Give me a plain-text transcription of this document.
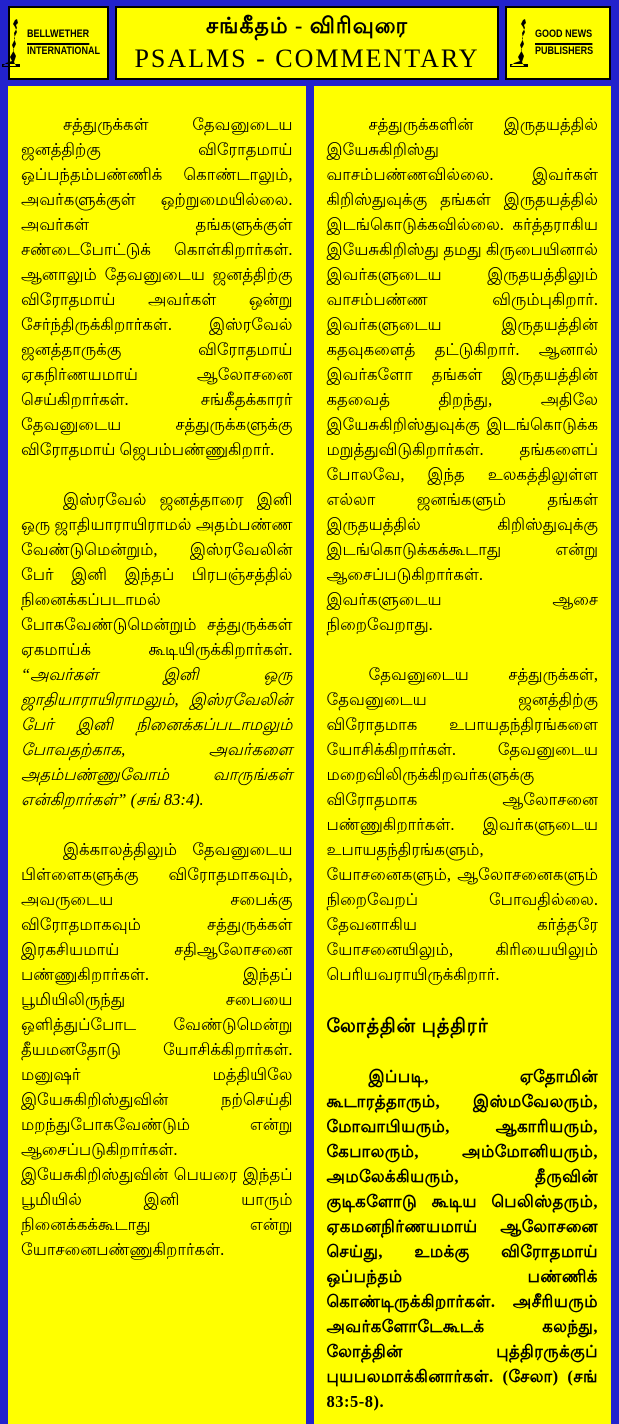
BELLWETHER
INTERNATIONAL
சங்கீதம் - விரிவுரை
PSALMS - COMMENTARY
GOOD NEWS
PUBLISHERS

சத்துருக்கள் தேவனுடைய ஜனத்திற்கு விரோதமாய் ஒப்பந்தம்பண்ணிக் கொண்டாலும், அவர்களுக்குள் ஒற்றுமையில்லை. அவர்கள் தங்களுக்குள் சண்டைபோட்டுக் கொள்கிறார்கள். ஆனாலும் தேவனுடைய ஜனத்திற்கு விரோதமாய் அவர்கள் ஒன்று சேர்ந்திருக்கிறார்கள். இஸ்ரவேல் ஜனத்தாருக்கு விரோதமாய் ஏகநிர்ணயமாய் ஆலோசனை செய்கிறார்கள். சங்கீதக்காரர் தேவனுடைய சத்துருக்களுக்கு விரோதமாய் ஜெபம்பண்ணுகிறார்.

இஸ்ரவேல் ஜனத்தாரை இனி ஒரு ஜாதியாராயிராமல் அதம்பண்ண வேண்டுமென்றும், இஸ்ரவேலின் பேர் இனி இந்தப் பிரபஞ்சத்தில் நினைக்கப்படாமல் போகவேண்டுமென்றும் சத்துருக்கள் ஏகமாய்க் கூடியிருக்கிறார்கள். “அவர்கள் இனி ஒரு ஜாதியாராயிராமலும், இஸ்ரவேலின் பேர் இனி நினைக்கப்படாமலும் போவதற்காக, அவர்களை அதம்பண்ணுவோம் வாருங்கள் என்கிறார்கள்” (சங் 83:4).

இக்காலத்திலும் தேவனுடைய பிள்ளைகளுக்கு விரோதமாகவும், அவருடைய சபைக்கு விரோதமாகவும் சத்துருக்கள் இரகசியமாய் சதிஆலோசனை பண்ணுகிறார்கள். இந்தப் பூமியிலிருந்து சபையை ஒளித்துப்போட வேண்டுமென்று தீயமனதோடு யோசிக்கிறார்கள். மனுஷர் மத்தியிலே இயேசுகிறிஸ்துவின் நற்செய்தி மறந்துபோகவேண்டும் என்று ஆசைப்படுகிறார்கள். இயேசுகிறிஸ்துவின் பெயரை இந்தப் பூமியில் இனி யாரும் நினைக்கக்கூடாது என்று யோசனைபண்ணுகிறார்கள்.

சத்துருக்களின் இருதயத்தில் இயேசுகிறிஸ்து வாசம்பண்ணவில்லை. இவர்கள் கிறிஸ்துவுக்கு தங்கள் இருதயத்தில் இடங்கொடுக்கவில்லை. கர்த்தராகிய இயேசுகிறிஸ்து தமது கிருபையினால் இவர்களுடைய இருதயத்திலும் வாசம்பண்ண விரும்புகிறார். இவர்களுடைய இருதயத்தின் கதவுகளைத் தட்டுகிறார். ஆனால் இவர்களோ தங்கள் இருதயத்தின் கதவைத் திறந்து, அதிலே இயேசுகிறிஸ்துவுக்கு இடங்கொடுக்க மறுத்துவிடுகிறார்கள். தங்களைப் போலவே, இந்த உலகத்திலுள்ள எல்லா ஜனங்களும் தங்கள் இருதயத்தில் கிறிஸ்துவுக்கு இடங்கொடுக்கக்கூடாது என்று ஆசைப்படுகிறார்கள். இவர்களுடைய ஆசை நிறைவேறாது.

தேவனுடைய சத்துருக்கள், தேவனுடைய ஜனத்திற்கு விரோதமாக உபாயதந்திரங்களை யோசிக்கிறார்கள். தேவனுடைய மறைவிலிருக்கிறவர்களுக்கு விரோதமாக ஆலோசனை பண்ணுகிறார்கள். இவர்களுடைய உபாயதந்திரங்களும், யோசனைகளும், ஆலோசனைகளும் நிறைவேறப் போவதில்லை. தேவனாகிய கர்த்தரே யோசனையிலும், கிரியையிலும் பெரியவராயிருக்கிறார்.

லோத்தின் புத்திரர்

இப்படி, ஏதோமின் கூடாரத்தாரும், இஸ்மவேலரும், மோவாபியரும், ஆகாரியரும், கேபாலரும், அம்மோனியரும், அமலேக்கியரும், தீருவின் குடிகளோடு கூடிய பெலிஸ்தரும், ஏகமனநிர்ணயமாய் ஆலோசனை செய்து, உமக்கு விரோதமாய் ஒப்பந்தம் பண்ணிக் கொண்டிருக்கிறார்கள். அசீரியரும் அவர்களோடேகூடக் கலந்து, லோத்தின் புத்திரருக்குப் புயபலமாக்கினார்கள். (சேலா) (சங் 83:5-8).
